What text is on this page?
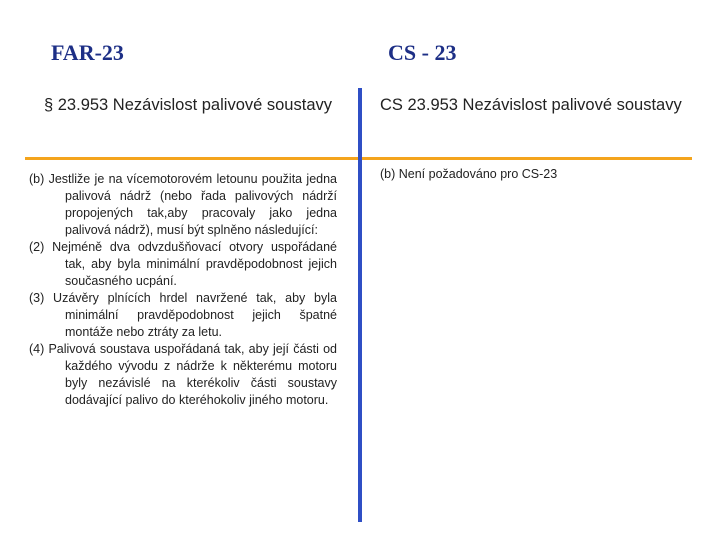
FAR-23	CS - 23
§ 23.953 Nezávislost palivové soustavy	CS 23.953 Nezávislost palivové soustavy
(b) Jestliže je na vícemotorovém letounu použita jedna palivová nádrž (nebo řada palivových nádrží propojených tak,aby pracovaly jako jedna palivová nádrž), musí být splněno následující:
(2) Nejméně dva odvzdušňovací otvory uspořádané tak, aby byla minimální pravděpodobnost jejich současného ucpání.
(3) Uzávěry plnících hrdel navržené tak, aby byla minimální pravděpodobnost jejich špatné montáže nebo ztráty za letu.
(4) Palivová soustava uspořádaná tak, aby její části od každého vývodu z nádrže k některému motoru byly nezávislé na kterékoliv části soustavy dodávající palivo do kteréhokoliv jiného motoru.
(b) Není požadováno pro CS-23
